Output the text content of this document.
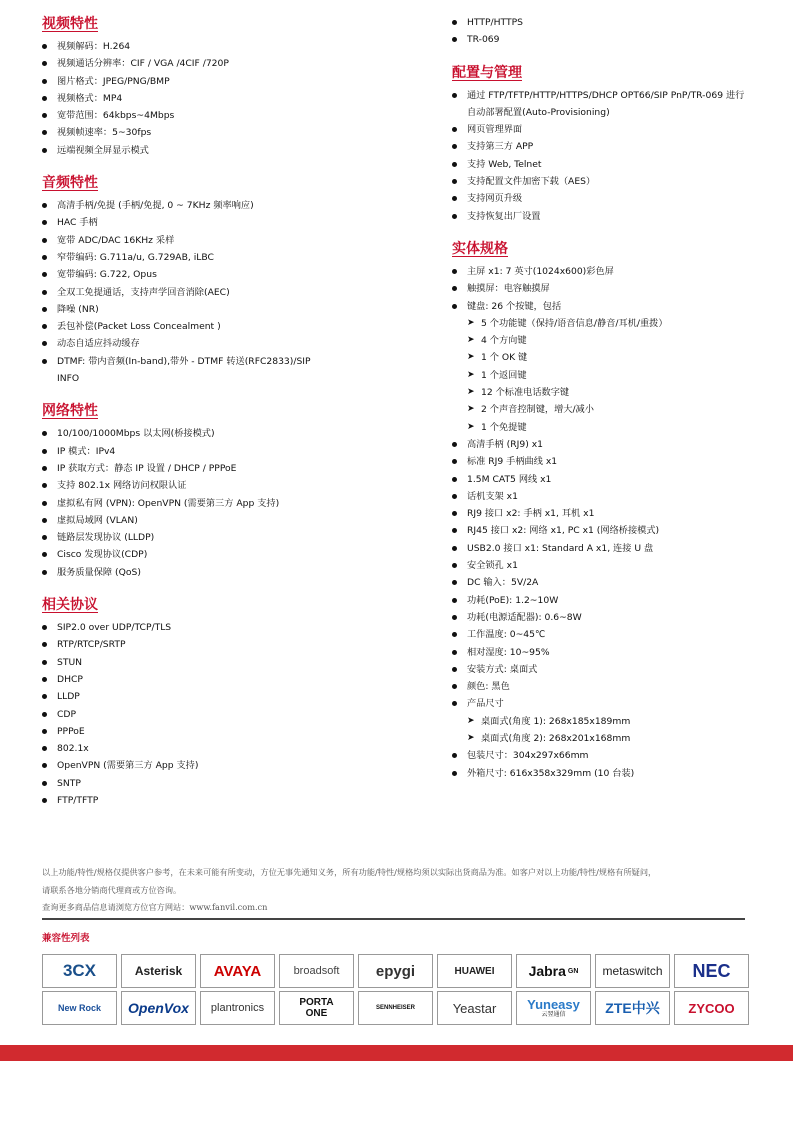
视频特性
视频解码：H.264
视频通话分辨率：CIF / VGA /4CIF /720P
图片格式：JPEG/PNG/BMP
视频格式：MP4
宽带范围：64kbps~4Mbps
视频帧速率：5~30fps
远端视频全屏显示模式
音频特性
高清手柄/免提 (手柄/免提, 0 ~ 7KHz 频率响应)
HAC 手柄
宽带 ADC/DAC 16KHz 采样
窄带编码: G.711a/u, G.729AB, iLBC
宽带编码: G.722, Opus
全双工免提通话，支持声学回音消除(AEC)
降噪 (NR)
丢包补偿(Packet Loss Concealment )
动态自适应抖动缓存
DTMF: 带内音频(In-band),带外 - DTMF 转送(RFC2833)/SIP
INFO
网络特性
10/100/1000Mbps 以太网(桥接模式)
IP 模式：IPv4
IP 获取方式：静态 IP 设置 / DHCP / PPPoE
支持 802.1x 网络访问权限认证
虚拟私有网 (VPN): OpenVPN (需要第三方 App 支持)
虚拟局域网 (VLAN)
链路层发现协议 (LLDP)
Cisco 发现协议(CDP)
服务质量保障 (QoS)
相关协议
SIP2.0 over UDP/TCP/TLS
RTP/RTCP/SRTP
STUN
DHCP
LLDP
CDP
PPPoE
802.1x
OpenVPN (需要第三方 App 支持)
SNTP
FTP/TFTP
HTTP/HTTPS
TR-069
配置与管理
通过 FTP/TFTP/HTTP/HTTPS/DHCP OPT66/SIP PnP/TR-069 进行
自动部署配置(Auto-Provisioning)
网页管理界面
支持第三方 APP
支持 Web, Telnet
支持配置文件加密下载（AES）
支持网页升级
支持恢复出厂设置
实体规格
主屏 x1: 7 英寸(1024x600)彩色屏
触摸屏：电容触摸屏
键盘: 26 个按键，包括
➤ 5 个功能键（保持/语音信息/静音/耳机/重拨）
➤ 4 个方向键
➤ 1 个 OK 键
➤ 1 个返回键
➤ 12 个标准电话数字键
➤ 2 个声音控制键，增大/减小
➤ 1 个免提键
高清手柄 (RJ9) x1
标准 RJ9 手柄曲线 x1
1.5M CAT5 网线 x1
话机支架 x1
RJ9 接口 x2: 手柄 x1, 耳机 x1
RJ45 接口 x2: 网络 x1, PC x1 (网络桥接模式)
USB2.0 接口 x1: Standard A x1, 连接 U 盘
安全锁孔 x1
DC 输入：5V/2A
功耗(PoE): 1.2~10W
功耗(电源适配器): 0.6~8W
工作温度: 0~45℃
相对湿度: 10~95%
安装方式: 桌面式
颜色: 黑色
产品尺寸
➤ 桌面式(角度 1): 268x185x189mm
➤ 桌面式(角度 2): 268x201x168mm
包装尺寸：304x297x66mm
外箱尺寸: 616x358x329mm (10 台装)
以上功能/特性/规格仅提供客户参考，在未来可能有所变动，方位无事先通知义务，所有功能/特性/规格均须以实际出货商品为准。如客户对以上功能/特性/规格有所疑问，
请联系各地分销商代理商或方位咨询。
查询更多商品信息请浏览方位官方网站：www.fanvil.com.cn
兼容性列表
3CX	Asterisk AVAYA	broadsoft epygi	HUAWEI Jabra GN metaswitch NEC
New Rock OpenVox plantronics	PORTA
ONE	SENNHEISER	Yeastar Yuneasy
云翌通信	ZTE中兴 ZYCOO
